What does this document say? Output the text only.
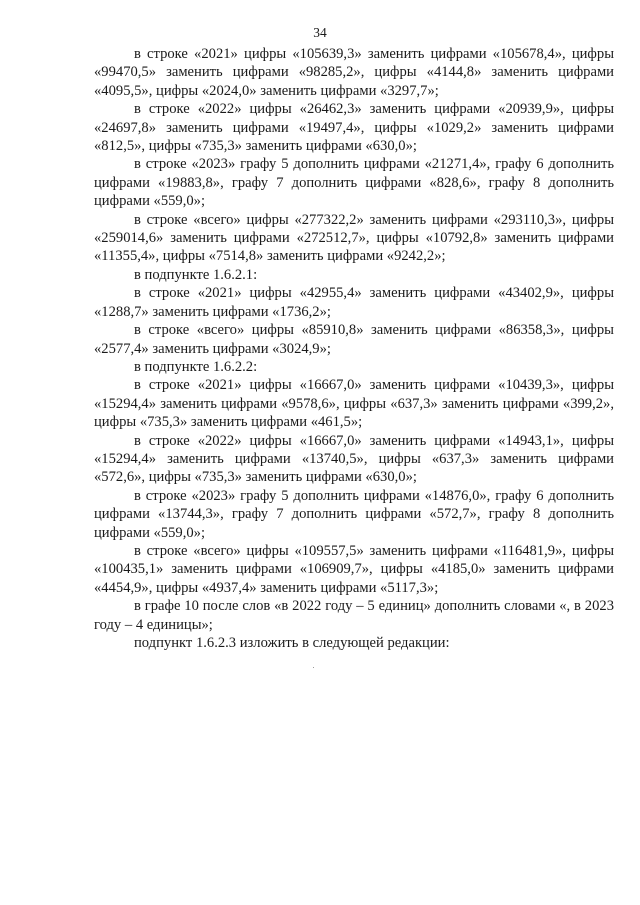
34

в строке «2021» цифры «105639,3» заменить цифрами «105678,4», цифры «99470,5» заменить цифрами «98285,2», цифры «4144,8» заменить цифрами «4095,5», цифры «2024,0» заменить цифрами «3297,7»;

в строке «2022» цифры «26462,3» заменить цифрами «20939,9», цифры «24697,8» заменить цифрами «19497,4», цифры «1029,2» заменить цифрами «812,5», цифры «735,3» заменить цифрами «630,0»;

в строке «2023» графу 5 дополнить цифрами «21271,4», графу 6 дополнить цифрами «19883,8», графу 7 дополнить цифрами «828,6», графу 8 дополнить цифрами «559,0»;

в строке «всего» цифры «277322,2» заменить цифрами «293110,3», цифры «259014,6» заменить цифрами «272512,7», цифры «10792,8» заменить цифрами «11355,4», цифры «7514,8» заменить цифрами «9242,2»;

в подпункте 1.6.2.1:

в строке «2021» цифры «42955,4» заменить цифрами «43402,9», цифры «1288,7» заменить цифрами «1736,2»;

в строке «всего» цифры «85910,8» заменить цифрами «86358,3», цифры «2577,4» заменить цифрами «3024,9»;

в подпункте 1.6.2.2:

в строке «2021» цифры «16667,0» заменить цифрами «10439,3», цифры «15294,4» заменить цифрами «9578,6», цифры «637,3» заменить цифрами «399,2», цифры «735,3» заменить цифрами «461,5»;

в строке «2022» цифры «16667,0» заменить цифрами «14943,1», цифры «15294,4» заменить цифрами «13740,5», цифры «637,3» заменить цифрами «572,6», цифры «735,3» заменить цифрами «630,0»;

в строке «2023» графу 5 дополнить цифрами «14876,0», графу 6 дополнить цифрами «13744,3», графу 7 дополнить цифрами «572,7», графу 8 дополнить цифрами «559,0»;

в строке «всего» цифры «109557,5» заменить цифрами «116481,9», цифры «100435,1» заменить цифрами «106909,7», цифры «4185,0» заменить цифрами «4454,9», цифры «4937,4» заменить цифрами «5117,3»;

в графе 10 после слов «в 2022 году – 5 единиц» дополнить словами «, в 2023 году – 4 единицы»;

подпункт 1.6.2.3 изложить в следующей редакции:
